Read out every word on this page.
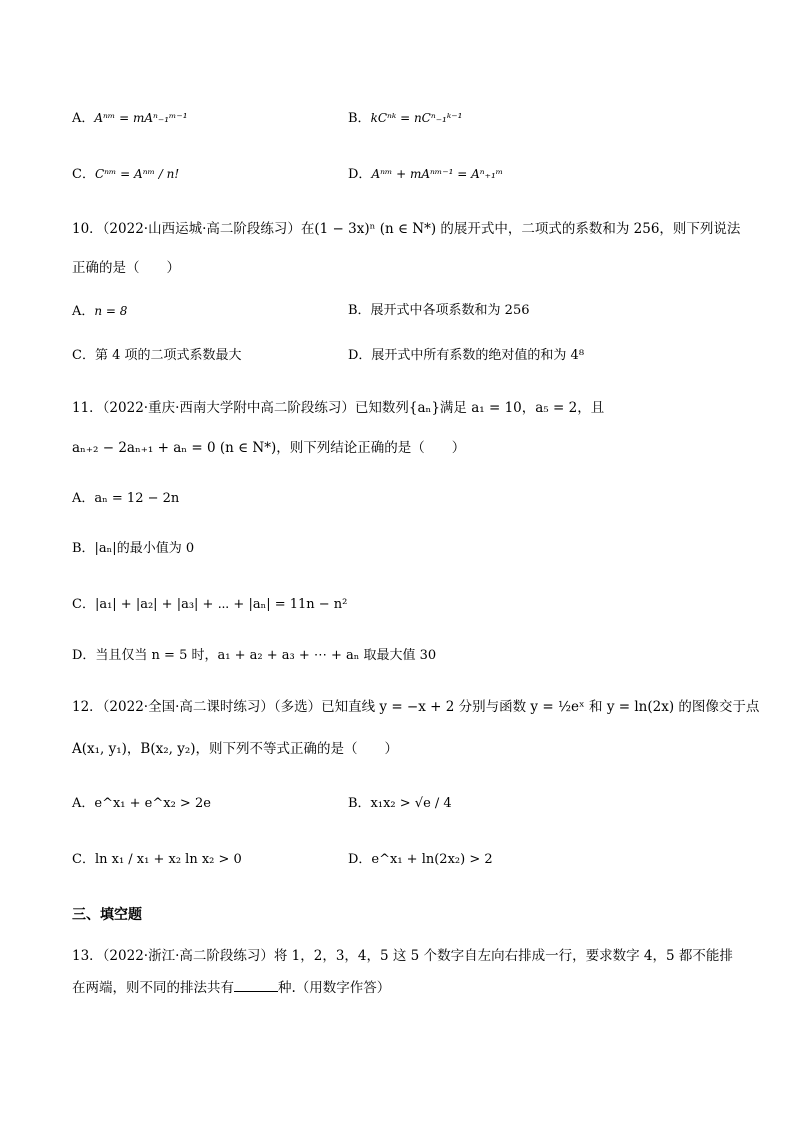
A．Aⁿᵐ = mAⁿ₋₁ᵐ⁻¹	B．kCⁿᵏ = nCⁿ₋₁ᵏ⁻¹
C．Cⁿᵐ = Aⁿᵐ / n!	D．Aⁿᵐ + mAⁿᵐ⁻¹ = Aⁿ₊₁ᵐ
10．（2022·山西运城·高二阶段练习）在(1 − 3x)ⁿ (n ∈ N*) 的展开式中，二项式的系数和为 256，则下列说法
正确的是（　　）
A．n = 8	B．展开式中各项系数和为 256
C．第 4 项的二项式系数最大	D．展开式中所有系数的绝对值的和为 4⁸
11．（2022·重庆·西南大学附中高二阶段练习）已知数列{aₙ}满足 a₁ = 10，a₅ = 2，且
aₙ₊₂ − 2aₙ₊₁ + aₙ = 0 (n ∈ N*)，则下列结论正确的是（　　）
A．aₙ = 12 − 2n
B．|aₙ|的最小值为 0
C．|a₁| + |a₂| + |a₃| + ⋯ + |aₙ| = 11n − n²
D．当且仅当 n = 5 时，a₁ + a₂ + a₃ + ⋯ + aₙ 取最大值 30
12．（2022·全国·高二课时练习）（多选）已知直线 y = −x + 2 分别与函数 y = ½eˣ 和 y = ln(2x) 的图像交于点
A(x₁, y₁)，B(x₂, y₂)，则下列不等式正确的是（　　）
A．e^x₁ + e^x₂ > 2e	B．x₁x₂ > √e / 4
C．ln x₁ / x₁ + x₂ ln x₂ > 0	D．e^x₁ + ln(2x₂) > 2
三、填空题
13．（2022·浙江·高二阶段练习）将 1，2，3，4，5 这 5 个数字自左向右排成一行，要求数字 4，5 都不能排
在两端，则不同的排法共有	种.（用数字作答）
